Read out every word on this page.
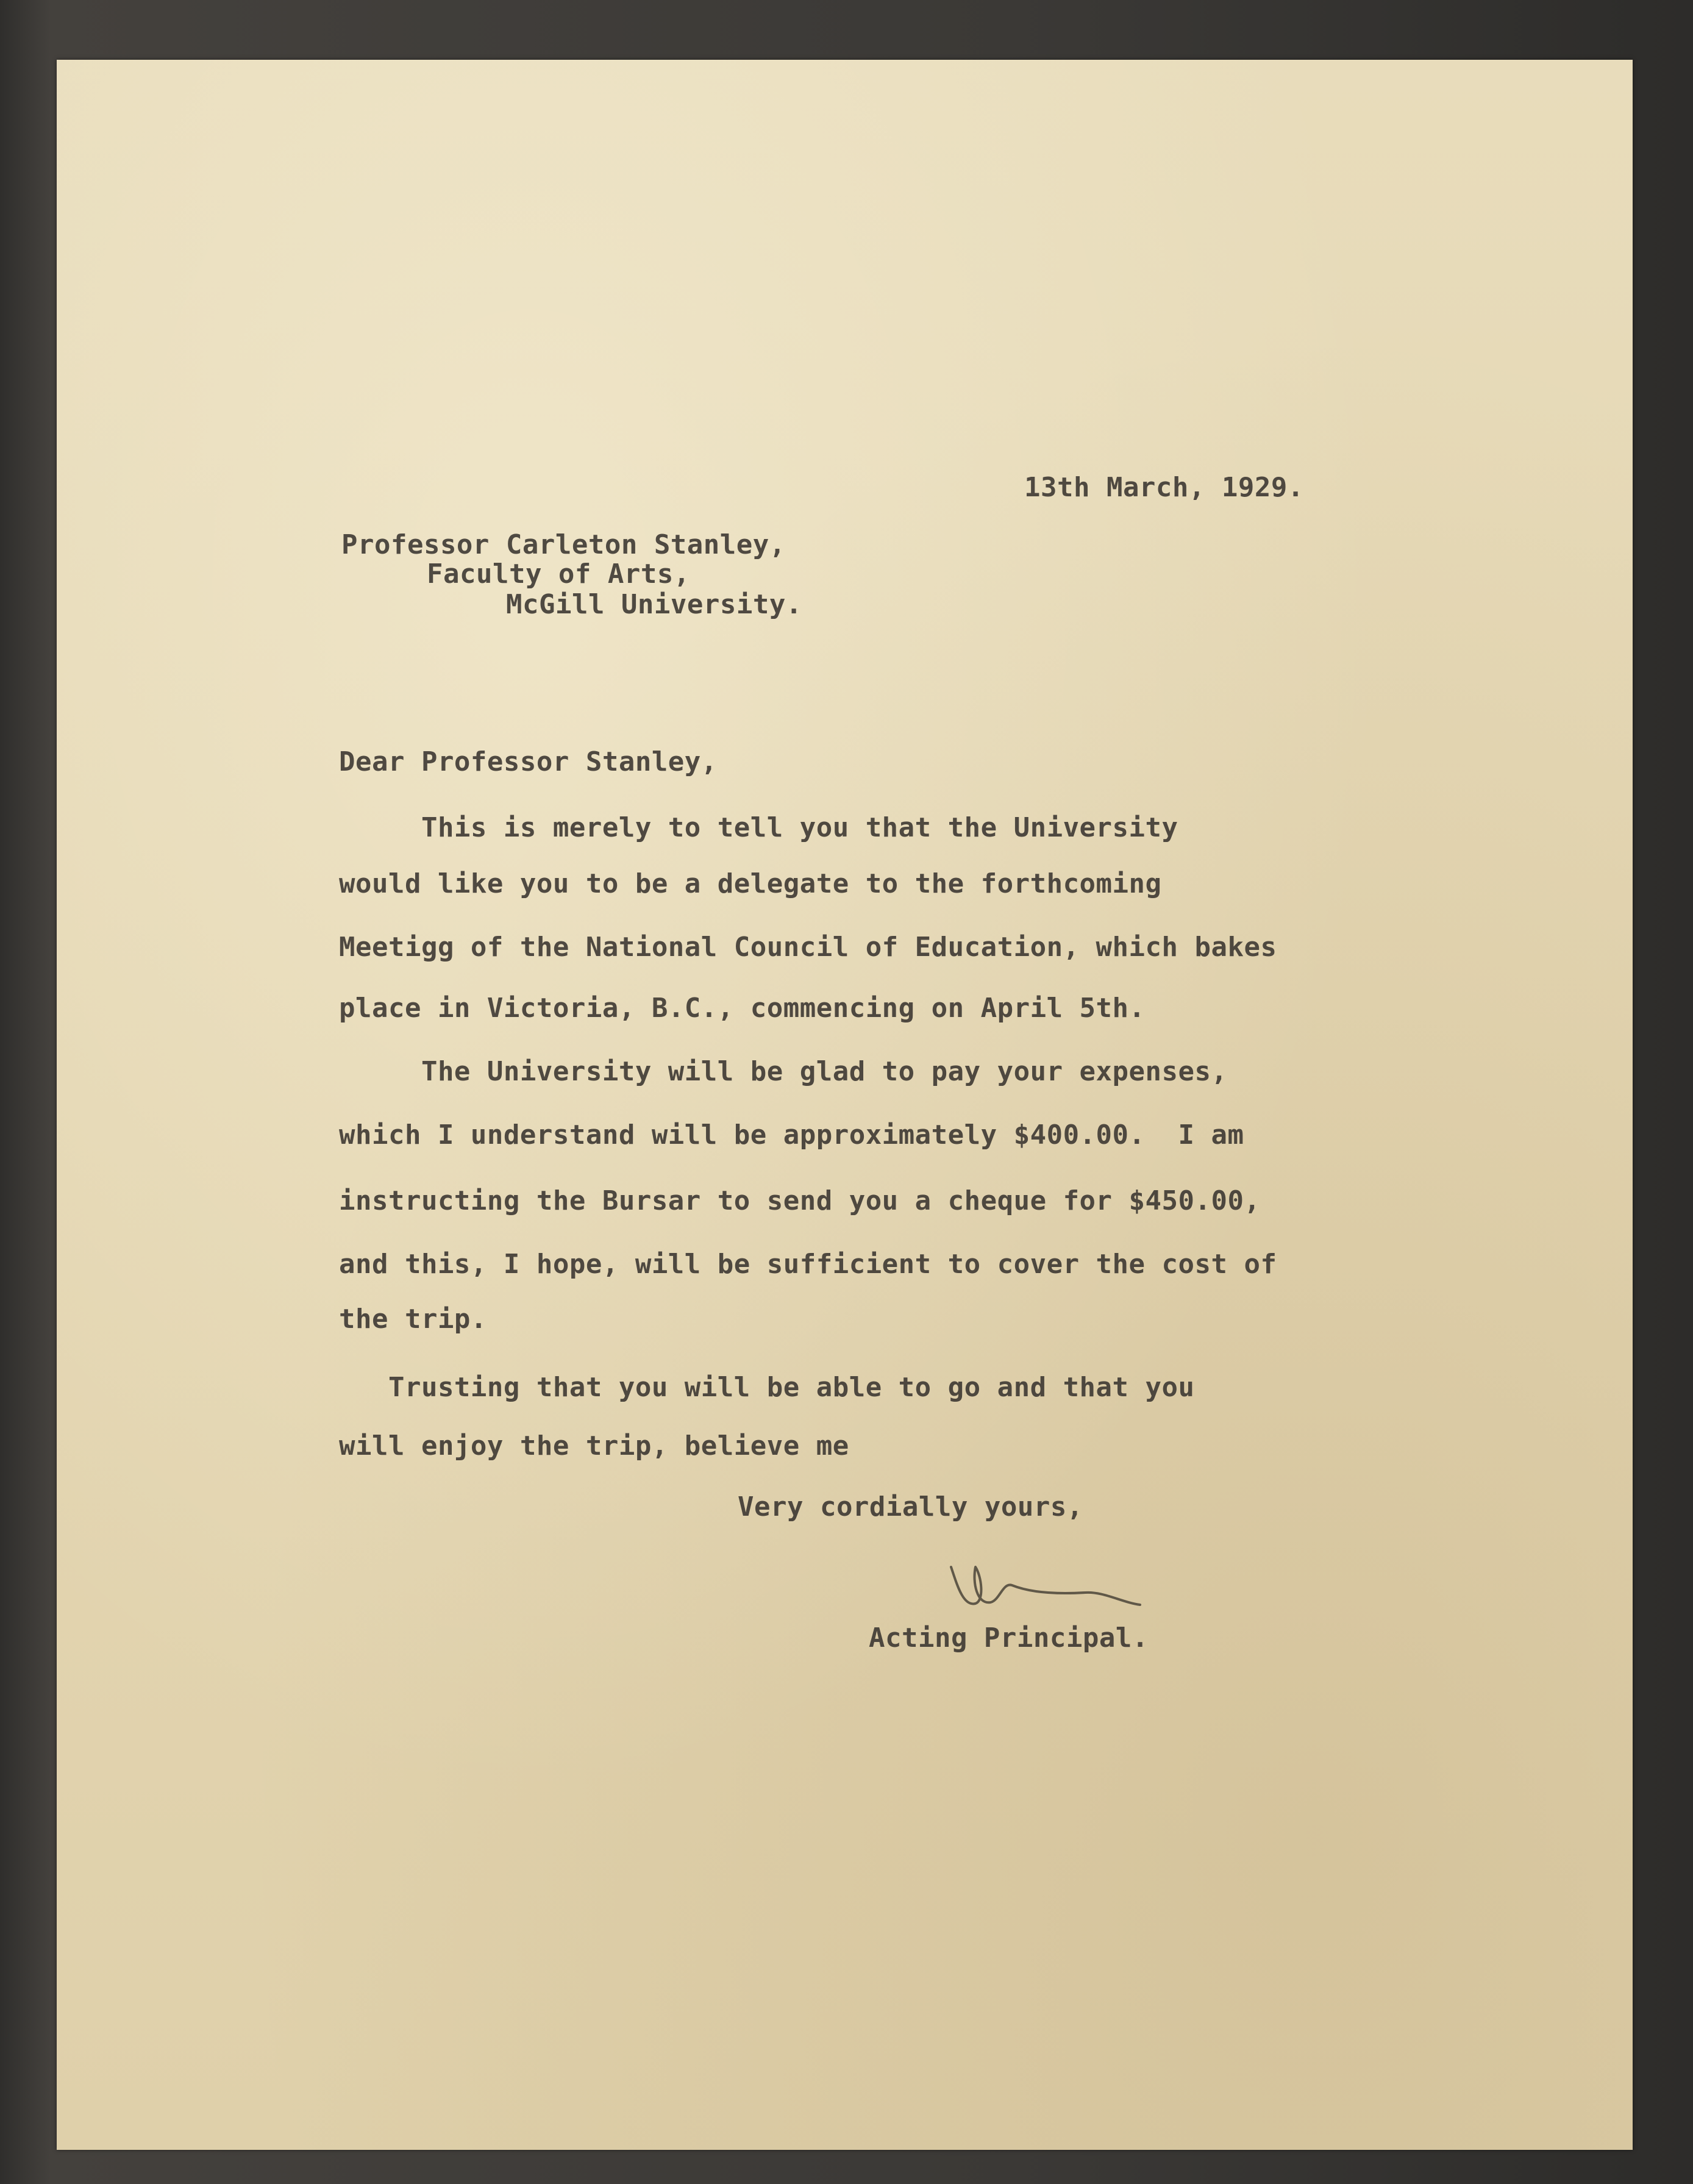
13th March, 1929.
Professor Carleton Stanley,
Faculty of Arts,
McGill University.
Dear Professor Stanley,
This is merely to tell you that the University
would like you to be a delegate to the forthcoming
Meetigg of the National Council of Education, which bakes
place in Victoria, B.C., commencing on April 5th.
The University will be glad to pay your expenses,
which I understand will be approximately $400.00.  I am
instructing the Bursar to send you a cheque for $450.00,
and this, I hope, will be sufficient to cover the cost of
the trip.
Trusting that you will be able to go and that you
will enjoy the trip, believe me
Very cordially yours,
Acting Principal.
